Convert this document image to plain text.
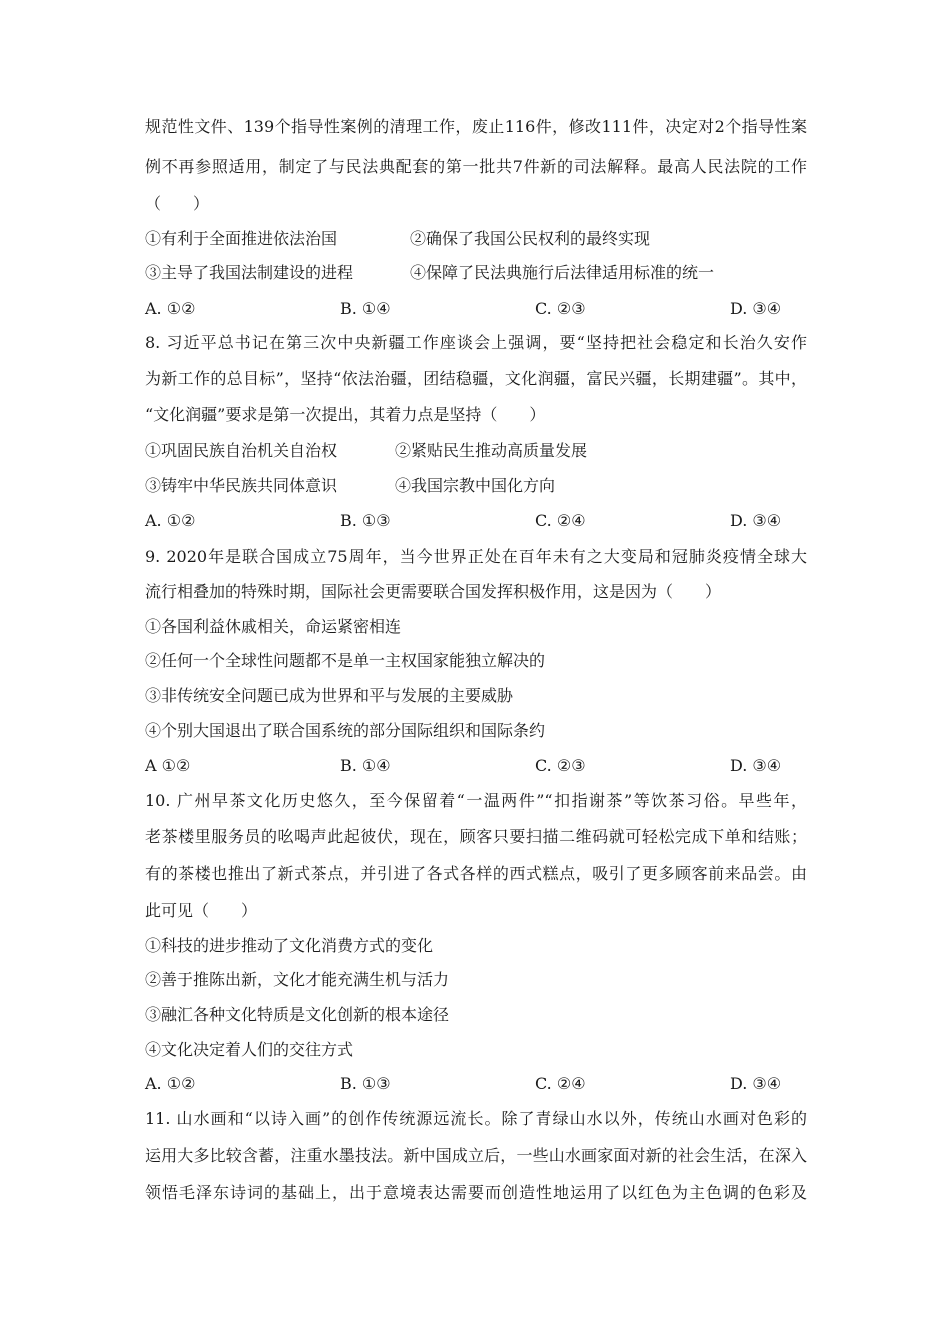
规范性文件、139个指导性案例的清理工作，废止116件，修改111件，决定对2个指导性案
例不再参照适用，制定了与民法典配套的第一批共7件新的司法解释。最高人民法院的工作
（　　）
①有利于全面推进依法治国	②确保了我国公民权利的最终实现
③主导了我国法制建设的进程	④保障了民法典施行后法律适用标准的统一
A. ①②	B. ①④	C. ②③	D. ③④
8. 习近平总书记在第三次中央新疆工作座谈会上强调，要“坚持把社会稳定和长治久安作
为新工作的总目标”，坚持“依法治疆，团结稳疆，文化润疆，富民兴疆，长期建疆”。其中，
“文化润疆”要求是第一次提出，其着力点是坚持（　　）
①巩固民族自治机关自治权	②紧贴民生推动高质量发展
③铸牢中华民族共同体意识	④我国宗教中国化方向
A. ①②	B. ①③	C. ②④	D. ③④
9. 2020年是联合国成立75周年，当今世界正处在百年未有之大变局和冠肺炎疫情全球大
流行相叠加的特殊时期，国际社会更需要联合国发挥积极作用，这是因为（　　）
①各国利益休戚相关，命运紧密相连
②任何一个全球性问题都不是单一主权国家能独立解决的
③非传统安全问题已成为世界和平与发展的主要威胁
④个别大国退出了联合国系统的部分国际组织和国际条约
A ①②	B. ①④	C. ②③	D. ③④
10. 广州早茶文化历史悠久，至今保留着“一温两件”“扣指谢茶”等饮茶习俗。早些年，
老茶楼里服务员的吆喝声此起彼伏，现在，顾客只要扫描二维码就可轻松完成下单和结账；
有的茶楼也推出了新式茶点，并引进了各式各样的西式糕点，吸引了更多顾客前来品尝。由
此可见（　　）
①科技的进步推动了文化消费方式的变化
②善于推陈出新，文化才能充满生机与活力
③融汇各种文化特质是文化创新的根本途径
④文化决定着人们的交往方式
A. ①②	B. ①③	C. ②④	D. ③④
11. 山水画和“以诗入画”的创作传统源远流长。除了青绿山水以外，传统山水画对色彩的
运用大多比较含蓄，注重水墨技法。新中国成立后，一些山水画家面对新的社会生活，在深入
领悟毛泽东诗词的基础上，出于意境表达需要而创造性地运用了以红色为主色调的色彩及
